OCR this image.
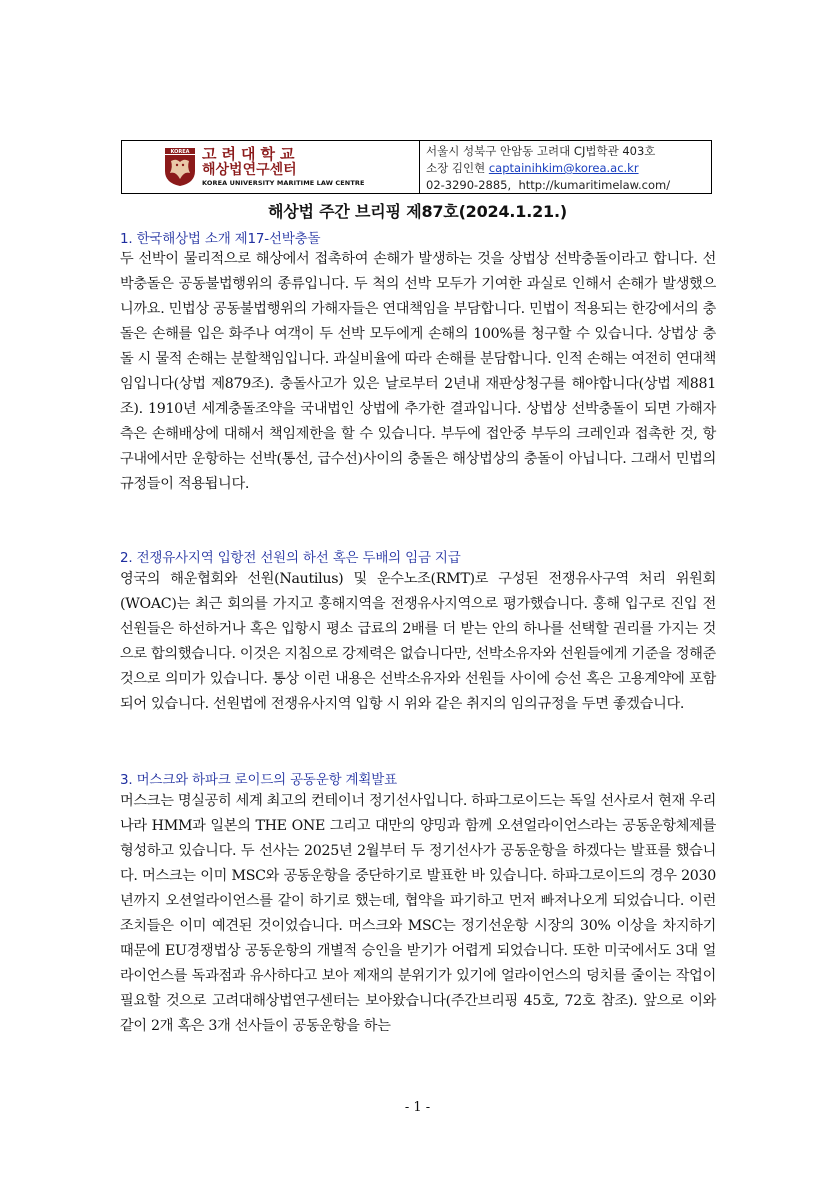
KOREA 고려대학교
해상법연구센터
KOREA UNIVERSITY MARITIME LAW CENTRE
서울시 성북구 안암동 고려대 CJ법학관 403호
소장 김인현 captainihkim@korea.ac.kr
02-3290-2885, http://kumaritimelaw.com/
해상법 주간 브리핑 제87호(2024.1.21.)
1. 한국해상법 소개 제17-선박충돌

두 선박이 물리적으로 해상에서 접촉하여 손해가 발생하는 것을 상법상 선박충돌이라고 합니다. 선박충돌은 공동불법행위의 종류입니다. 두 척의 선박 모두가 기여한 과실로 인해서 손해가 발생했으니까요. 민법상 공동불법행위의 가해자들은 연대책임을 부담합니다. 민법이 적용되는 한강에서의 충돌은 손해를 입은 화주나 여객이 두 선박 모두에게 손해의 100%를 청구할 수 있습니다. 상법상 충돌 시 물적 손해는 분할책임입니다. 과실비율에 따라 손해를 분담합니다. 인적 손해는 여전히 연대책임입니다(상법 제879조). 충돌사고가 있은 날로부터 2년내 재판상청구를 해야합니다(상법 제881조). 1910년 세계충돌조약을 국내법인 상법에 추가한 결과입니다. 상법상 선박충돌이 되면 가해자측은 손해배상에 대해서 책임제한을 할 수 있습니다. 부두에 접안중 부두의 크레인과 접촉한 것, 항구내에서만 운항하는 선박(통선, 급수선)사이의 충돌은 해상법상의 충돌이 아닙니다. 그래서 민법의 규정들이 적용됩니다.

2. 전쟁유사지역 입항전 선원의 하선 혹은 두배의 임금 지급

영국의 해운협회와 선원(Nautilus) 및 운수노조(RMT)로 구성된 전쟁유사구역 처리 위원회(WOAC)는 최근 회의를 가지고 홍해지역을 전쟁유사지역으로 평가했습니다. 홍해 입구로 진입 전 선원들은 하선하거나 혹은 입항시 평소 급료의 2배를 더 받는 안의 하나를 선택할 권리를 가지는 것으로 합의했습니다. 이것은 지침으로 강제력은 없습니다만, 선박소유자와 선원들에게 기준을 정해준 것으로 의미가 있습니다. 통상 이런 내용은 선박소유자와 선원들 사이에 승선 혹은 고용계약에 포함되어 있습니다. 선원법에 전쟁유사지역 입항 시 위와 같은 취지의 임의규정을 두면 좋겠습니다.

3. 머스크와 하파크 로이드의 공동운항 계획발표

머스크는 명실공히 세계 최고의 컨테이너 정기선사입니다. 하파그로이드는 독일 선사로서 현재 우리나라 HMM과 일본의 THE ONE 그리고 대만의 양밍과 함께 오션얼라이언스라는 공동운항체제를 형성하고 있습니다. 두 선사는 2025년 2월부터 두 정기선사가 공동운항을 하겠다는 발표를 했습니다. 머스크는 이미 MSC와 공동운항을 중단하기로 발표한 바 있습니다. 하파그로이드의 경우 2030년까지 오션얼라이언스를 같이 하기로 했는데, 협약을 파기하고 먼저 빠져나오게 되었습니다. 이런 조치들은 이미 예견된 것이었습니다. 머스크와 MSC는 정기선운항 시장의 30% 이상을 차지하기 때문에 EU경쟁법상 공동운항의 개별적 승인을 받기가 어렵게 되었습니다. 또한 미국에서도 3대 얼라이언스를 독과점과 유사하다고 보아 제재의 분위기가 있기에 얼라이언스의 덩치를 줄이는 작업이 필요할 것으로 고려대해상법연구센터는 보아왔습니다(주간브리핑 45호, 72호 참조). 앞으로 이와같이 2개 혹은 3개 선사들이 공동운항을 하는

- 1 -
